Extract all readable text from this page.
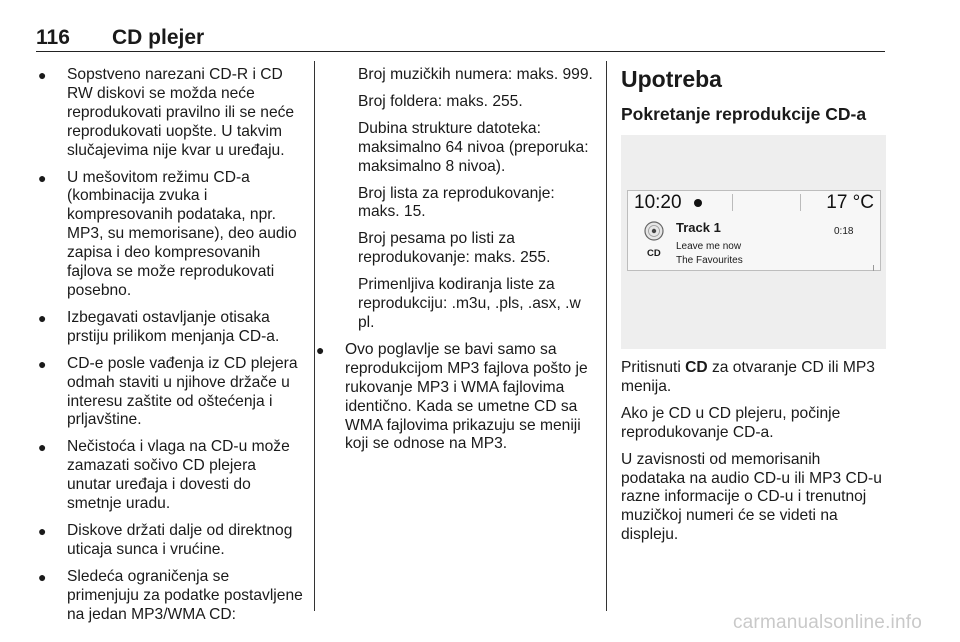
116 CD plejer
● Sopstveno narezani CD-R i CD RW diskovi se možda neće reprodukovati pravilno ili se neće reprodukovati uopšte. U takvim slučajevima nije kvar u uređaju.
● U mešovitom režimu CD-a (kombinacija zvuka i kompresovanih podataka, npr. MP3, su memorisane), deo audio zapisa i deo kompresovanih fajlova se može reprodukovati posebno.
● Izbegavati ostavljanje otisaka prstiju prilikom menjanja CD-a.
● CD-e posle vađenja iz CD plejera odmah staviti u njihove držače u interesu zaštite od oštećenja i prljavštine.
● Nečistoća i vlaga na CD-u može zamazati sočivo CD plejera unutar uređaja i dovesti do smetnje uradu.
● Diskove držati dalje od direktnog uticaja sunca i vrućine.
● Sledeća ograničenja se primenjuju za podatke postavljene na jedan MP3/WMA CD:

Broj muzičkih numera: maks. 999.

Broj foldera: maks. 255.

Dubina strukture datoteka: maksimalno 64 nivoa (preporuka: maksimalno 8 nivoa).

Broj lista za reprodukovanje: maks. 15.

Broj pesama po listi za reprodukovanje: maks. 255.

Primenljiva kodiranja liste za reprodukciju: .m3u, .pls, .asx, .w pl.

● Ovo poglavlje se bavi samo sa reprodukcijom MP3 fajlova pošto je rukovanje MP3 i WMA fajlovima identično. Kada se umetne CD sa WMA fajlovima prikazuju se meniji koji se odnose na MP3.
Upotreba
Pokretanje reprodukcije CD-a
10:20	17 °C
CD
Track 1
Leave me now
The Favourites
0:18

Pritisnuti CD za otvaranje CD ili MP3 menija.

Ako je CD u CD plejeru, počinje reprodukovanje CD-a.

U zavisnosti od memorisanih podataka na audio CD-u ili MP3 CD-u razne informacije o CD-u i trenutnoj muzičkoj numeri će se videti na displeju.

carmanualsonline.info
